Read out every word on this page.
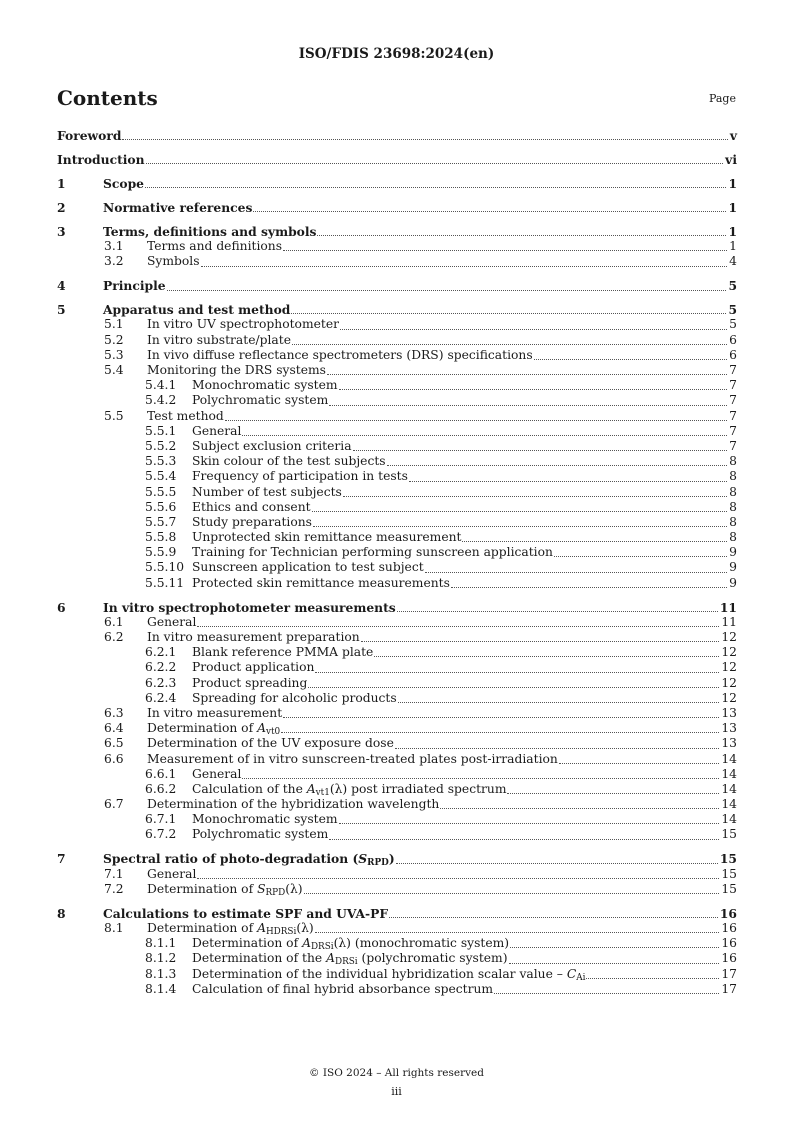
ISO/FDIS 23698:2024(en)
Contents	Page
Foreword	v
Introduction	vi
1	Scope	1
2	Normative references	1
3	Terms, definitions and symbols	1
3.1 Terms and definitions	1
3.2 Symbols	4
4	Principle	5
5	Apparatus and test method	5
5.1 In vitro UV spectrophotometer	5
5.2 In vitro substrate/plate	6
5.3 In vivo diffuse reflectance spectrometers (DRS) specifications	6
5.4 Monitoring the DRS systems	7
5.4.1 Monochromatic system	7
5.4.2 Polychromatic system	7
5.5 Test method	7
5.5.1 General	7
5.5.2 Subject exclusion criteria	7
5.5.3 Skin colour of the test subjects	8
5.5.4 Frequency of participation in tests	8
5.5.5 Number of test subjects	8
5.5.6 Ethics and consent	8
5.5.7 Study preparations	8
5.5.8 Unprotected skin remittance measurement	8
5.5.9 Training for Technician performing sunscreen application	9
5.5.10 Sunscreen application to test subject	9
5.5.11 Protected skin remittance measurements	9
6	In vitro spectrophotometer measurements	11
6.1 General	11
6.2 In vitro measurement preparation	12
6.2.1 Blank reference PMMA plate	12
6.2.2 Product application	12
6.2.3 Product spreading	12
6.2.4 Spreading for alcoholic products	12
6.3 In vitro measurement	13
6.4 Determination of $A_{vt0}$	13
6.5 Determination of the UV exposure dose	13
6.6 Measurement of in vitro sunscreen-treated plates post-irradiation	14
6.6.1 General	14
6.6.2 Calculation of the $A_{vt1}(\lambda)$ post irradiated spectrum	14
6.7 Determination of the hybridization wavelength	14
6.7.1 Monochromatic system	14
6.7.2 Polychromatic system	15
7	Spectral ratio of photo-degradation $(S_{RPD})$	15
7.1 General	15
7.2 Determination of $S_{RPD}(\lambda)$	15
8	Calculations to estimate SPF and UVA-PF	16
8.1 Determination of $A_{HDRSi}(\lambda)$	16
8.1.1 Determination of $A_{DRSi}(\lambda)$ (monochromatic system)	16
8.1.2 Determination of the $A_{DRSi}$ (polychromatic system)	16
8.1.3 Determination of the individual hybridization scalar value – $C_{Ai}$	17
8.1.4 Calculation of final hybrid absorbance spectrum	17
© ISO 2024 – All rights reserved
iii
